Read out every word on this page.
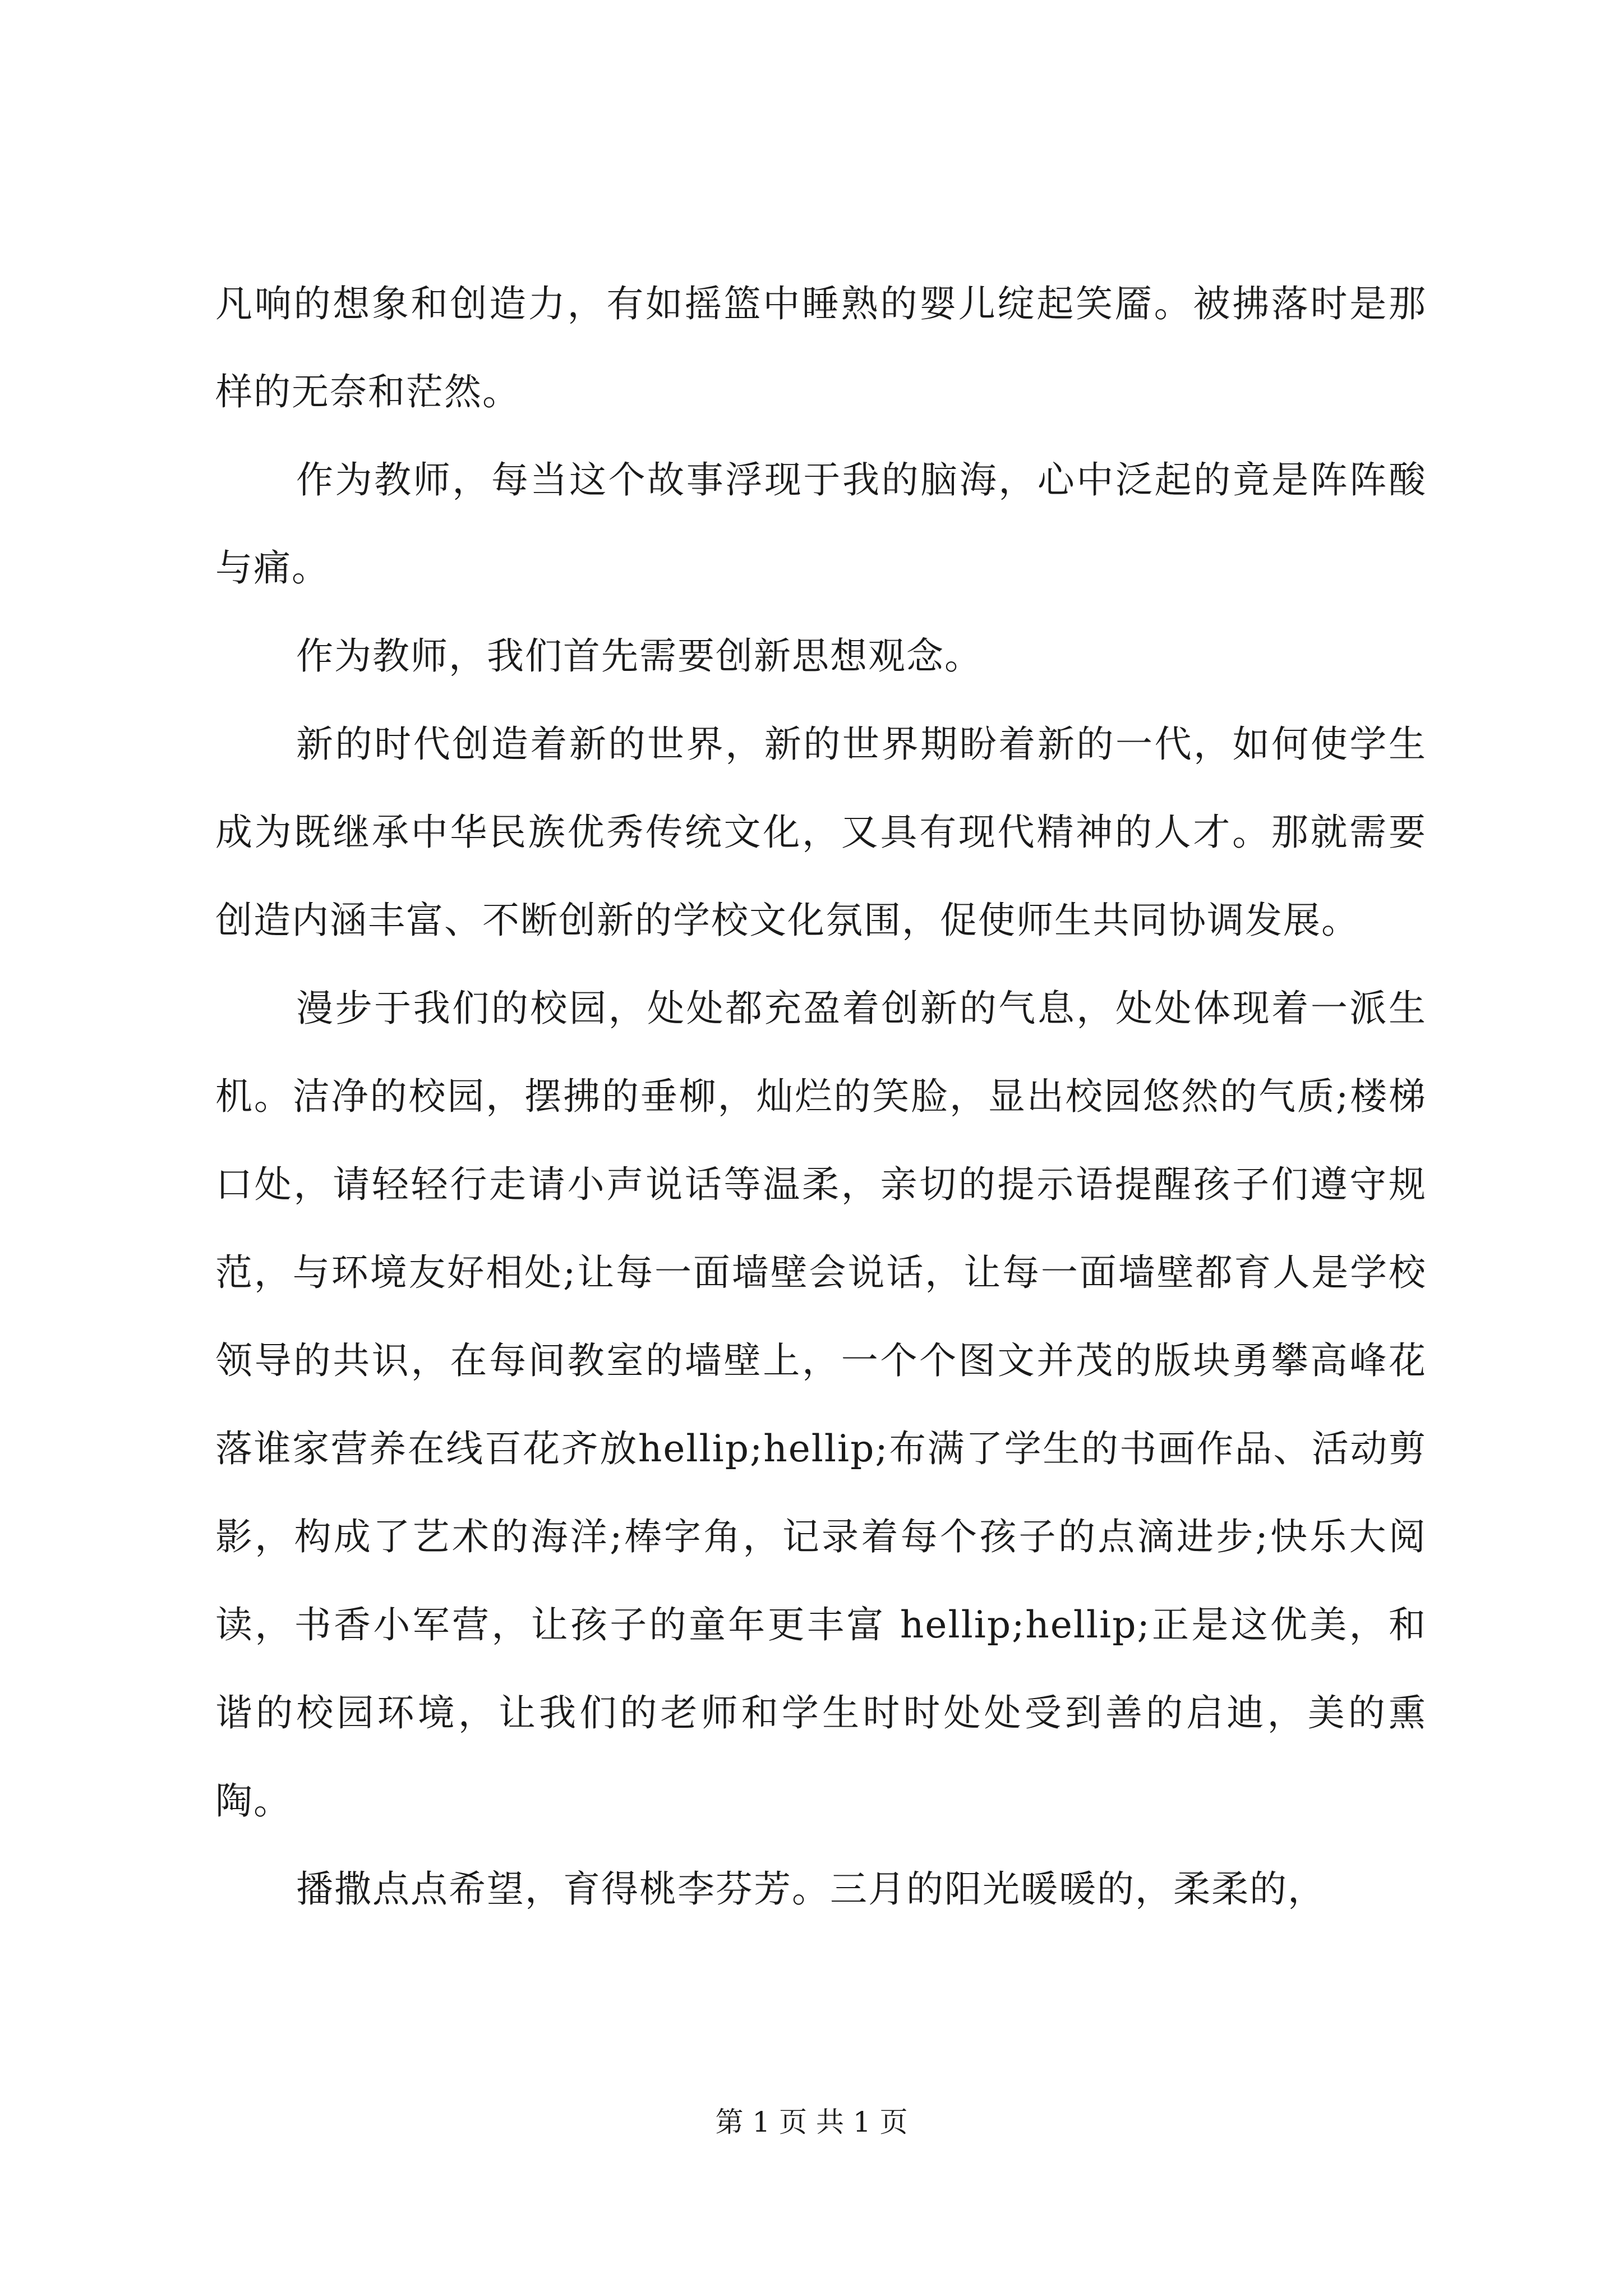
凡响的想象和创造力，有如摇篮中睡熟的婴儿绽起笑靥。被拂落时是那样的无奈和茫然。

作为教师，每当这个故事浮现于我的脑海，心中泛起的竟是阵阵酸与痛。

作为教师，我们首先需要创新思想观念。

新的时代创造着新的世界，新的世界期盼着新的一代，如何使学生成为既继承中华民族优秀传统文化，又具有现代精神的人才。那就需要创造内涵丰富、不断创新的学校文化氛围，促使师生共同协调发展。

漫步于我们的校园，处处都充盈着创新的气息，处处体现着一派生机。洁净的校园，摆拂的垂柳，灿烂的笑脸，显出校园悠然的气质;楼梯口处，请轻轻行走请小声说话等温柔，亲切的提示语提醒孩子们遵守规范，与环境友好相处;让每一面墙壁会说话，让每一面墙壁都育人是学校领导的共识，在每间教室的墙壁上，一个个图文并茂的版块勇攀高峰花落谁家营养在线百花齐放hellip;hellip;布满了学生的书画作品、活动剪影，构成了艺术的海洋;棒字角，记录着每个孩子的点滴进步;快乐大阅读，书香小军营，让孩子的童年更丰富 hellip;hellip;正是这优美，和谐的校园环境，让我们的老师和学生时时处处受到善的启迪，美的熏陶。

播撒点点希望，育得桃李芬芳。三月的阳光暖暖的，柔柔的，

第 1 页 共 1 页
